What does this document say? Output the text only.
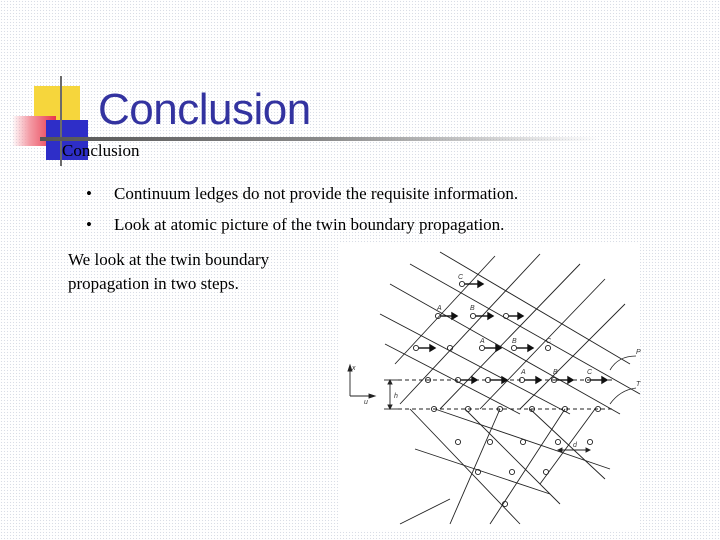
Conclusion
Conclusion
• Continuum ledges do not provide the requisite information.
• Look at atomic picture of the twin boundary propagation.
We look at the twin boundary propagation in two steps.	C
A	B
A	B	C
A	B	C
P
T
x
u
h
d
